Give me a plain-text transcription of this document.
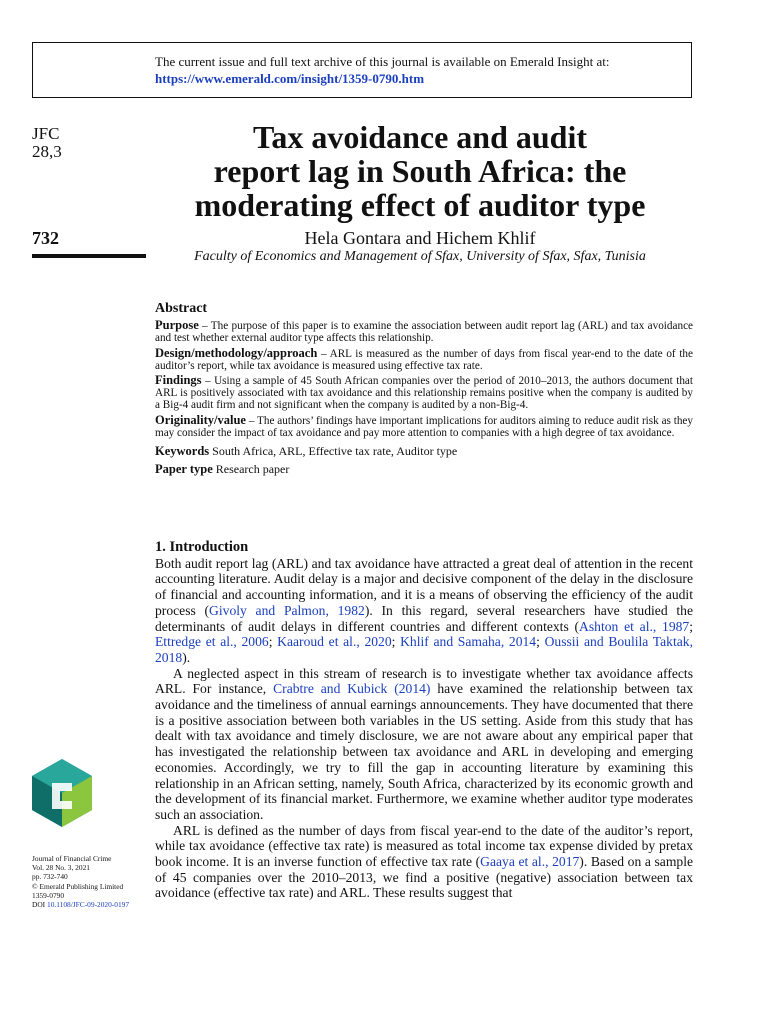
The current issue and full text archive of this journal is available on Emerald Insight at:
https://www.emerald.com/insight/1359-0790.htm
JFC
28,3
732
Tax avoidance and audit
report lag in South Africa: the
moderating effect of auditor type
Hela Gontara and Hichem Khlif
Faculty of Economics and Management of Sfax, University of Sfax, Sfax, Tunisia
Abstract

Purpose – The purpose of this paper is to examine the association between audit report lag (ARL) and tax avoidance and test whether external auditor type affects this relationship.

Design/methodology/approach – ARL is measured as the number of days from fiscal year-end to the date of the auditor’s report, while tax avoidance is measured using effective tax rate.

Findings – Using a sample of 45 South African companies over the period of 2010–2013, the authors document that ARL is positively associated with tax avoidance and this relationship remains positive when the company is audited by a Big-4 audit firm and not significant when the company is audited by a non-Big-4.

Originality/value – The authors’ findings have important implications for auditors aiming to reduce audit risk as they may consider the impact of tax avoidance and pay more attention to companies with a high degree of tax avoidance.

Keywords South Africa, ARL, Effective tax rate, Auditor type

Paper type Research paper

1. Introduction

Both audit report lag (ARL) and tax avoidance have attracted a great deal of attention in the recent accounting literature. Audit delay is a major and decisive component of the delay in the disclosure of financial and accounting information, and it is a means of observing the efficiency of the audit process (Givoly and Palmon, 1982). In this regard, several researchers have studied the determinants of audit delays in different countries and different contexts (Ashton et al., 1987; Ettredge et al., 2006; Kaaroud et al., 2020; Khlif and Samaha, 2014; Oussii and Boulila Taktak, 2018).

A neglected aspect in this stream of research is to investigate whether tax avoidance affects ARL. For instance, Crabtre and Kubick (2014) have examined the relationship between tax avoidance and the timeliness of annual earnings announcements. They have documented that there is a positive association between both variables in the US setting. Aside from this study that has dealt with tax avoidance and timely disclosure, we are not aware about any empirical paper that has investigated the relationship between tax avoidance and ARL in developing and emerging economies. Accordingly, we try to fill the gap in accounting literature by examining this relationship in an African setting, namely, South Africa, characterized by its economic growth and the development of its financial market. Furthermore, we examine whether auditor type moderates such an association.

ARL is defined as the number of days from fiscal year-end to the date of the auditor’s report, while tax avoidance (effective tax rate) is measured as total income tax expense divided by pretax book income. It is an inverse function of effective tax rate (Gaaya et al., 2017). Based on a sample of 45 companies over the 2010–2013, we find a positive (negative) association between tax avoidance (effective tax rate) and ARL. These results suggest that

Journal of Financial Crime
Vol. 28 No. 3, 2021
pp. 732-740
© Emerald Publishing Limited
1359-0790
DOI 10.1108/JFC-09-2020-0197
